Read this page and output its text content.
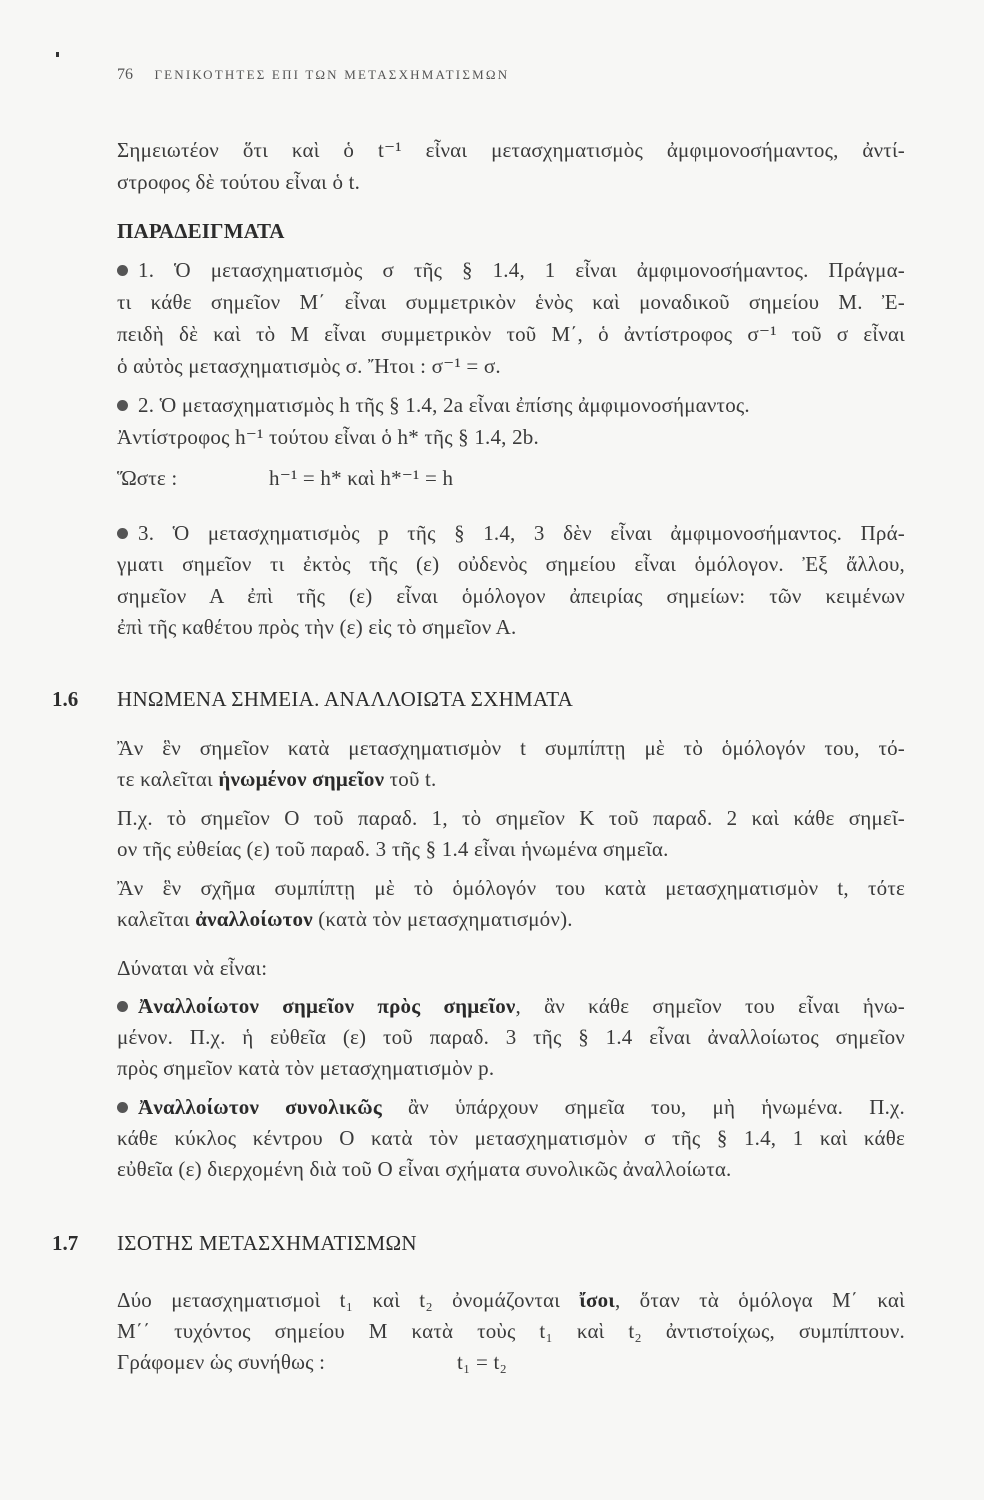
76 ΓΕΝΙΚΟΤΗΤΕΣ ΕΠΙ ΤΩΝ ΜΕΤΑΣΧΗΜΑΤΙΣΜΩΝ
Σημειωτέον ὅτι καὶ ὁ t⁻¹ εἶναι μετασχηματισμὸς ἀμφιμονοσήμαντος, ἀντί-
στροφος δὲ τούτου εἶναι ὁ t.
ΠΑΡΑΔΕΙΓΜΑΤΑ
1. Ὁ μετασχηματισμὸς σ τῆς § 1.4, 1 εἶναι ἀμφιμονοσήμαντος. Πράγμα-
τι κάθε σημεῖον Μ΄ εἶναι συμμετρικὸν ἑνὸς καὶ μοναδικοῦ σημείου Μ. Ἐ-
πειδὴ δὲ καὶ τὸ Μ εἶναι συμμετρικὸν τοῦ Μ΄, ὁ ἀντίστροφος σ⁻¹ τοῦ σ εἶναι
ὁ αὐτὸς μετασχηματισμὸς σ. Ἤτοι : σ⁻¹ = σ.
2. Ὁ μετασχηματισμὸς h τῆς § 1.4, 2a εἶναι ἐπίσης ἀμφιμονοσήμαντος.
Ἀντίστροφος h⁻¹ τούτου εἶναι ὁ h* τῆς § 1.4, 2b.
Ὥστε :	h⁻¹ = h* καὶ h*⁻¹ = h
3. Ὁ μετασχηματισμὸς p τῆς § 1.4, 3 δὲν εἶναι ἀμφιμονοσήμαντος. Πρά-
γματι σημεῖον τι ἐκτὸς τῆς (ε) οὐδενὸς σημείου εἶναι ὁμόλογον. Ἐξ ἄλλου,
σημεῖον Α ἐπὶ τῆς (ε) εἶναι ὁμόλογον ἀπειρίας σημείων: τῶν κειμένων
ἐπὶ τῆς καθέτου πρὸς τὴν (ε) εἰς τὸ σημεῖον Α.
1.6 ΗΝΩΜΕΝΑ ΣΗΜΕΙΑ. ΑΝΑΛΛΟΙΩΤΑ ΣΧΗΜΑΤΑ
Ἂν ἓν σημεῖον κατὰ μετασχηματισμὸν t συμπίπτῃ μὲ τὸ ὁμόλογόν του, τό-
τε καλεῖται ἡνωμένον σημεῖον τοῦ t.
Π.χ. τὸ σημεῖον Ο τοῦ παραδ. 1, τὸ σημεῖον Κ τοῦ παραδ. 2 καὶ κάθε σημεῖ-
ον τῆς εὐθείας (ε) τοῦ παραδ. 3 τῆς § 1.4 εἶναι ἡνωμένα σημεῖα.
Ἂν ἓν σχῆμα συμπίπτῃ μὲ τὸ ὁμόλογόν του κατὰ μετασχηματισμὸν t, τότε
καλεῖται ἀναλλοίωτον (κατὰ τὸν μετασχηματισμόν).
Δύναται νὰ εἶναι:
Ἀναλλοίωτον σημεῖον πρὸς σημεῖον, ἂν κάθε σημεῖον του εἶναι ἡνω-
μένον. Π.χ. ἡ εὐθεῖα (ε) τοῦ παραδ. 3 τῆς § 1.4 εἶναι ἀναλλοίωτος σημεῖον
πρὸς σημεῖον κατὰ τὸν μετασχηματισμὸν p.
Ἀναλλοίωτον συνολικῶς ἂν ὑπάρχουν σημεῖα του, μὴ ἡνωμένα. Π.χ.
κάθε κύκλος κέντρου Ο κατὰ τὸν μετασχηματισμὸν σ τῆς § 1.4, 1 καὶ κάθε
εὐθεῖα (ε) διερχομένη διὰ τοῦ Ο εἶναι σχήματα συνολικῶς ἀναλλοίωτα.
1.7 ΙΣΟΤΗΣ ΜΕΤΑΣΧΗΜΑΤΙΣΜΩΝ
Δύο μετασχηματισμοὶ t₁ καὶ t₂ ὀνομάζονται ἴσοι, ὅταν τὰ ὁμόλογα Μ΄ καὶ
Μ΄΄ τυχόντος σημείου Μ κατὰ τοὺς t₁ καὶ t₂ ἀντιστοίχως, συμπίπτουν.
Γράφομεν ὡς συνήθως :	t₁ = t₂
